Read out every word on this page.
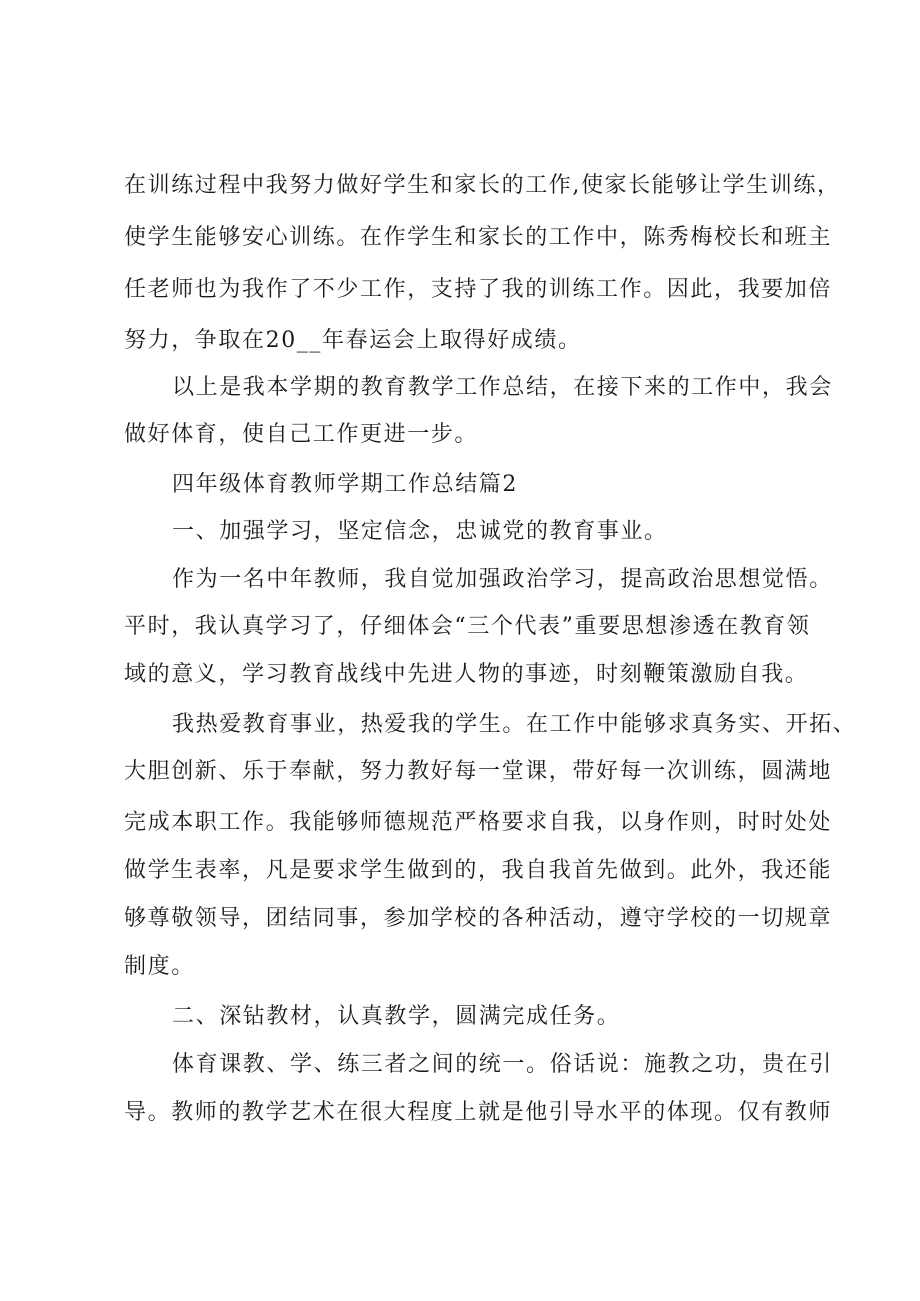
在训练过程中我努力做好学生和家长的工作,使家长能够让学生训练，
使学生能够安心训练。在作学生和家长的工作中，陈秀梅校长和班主
任老师也为我作了不少工作，支持了我的训练工作。因此，我要加倍
努力，争取在20__年春运会上取得好成绩。
以上是我本学期的教育教学工作总结，在接下来的工作中，我会
做好体育，使自己工作更进一步。
四年级体育教师学期工作总结篇2
一、加强学习，坚定信念，忠诚党的教育事业。
作为一名中年教师，我自觉加强政治学习，提高政治思想觉悟。
平时，我认真学习了，仔细体会“三个代表”重要思想渗透在教育领
域的意义，学习教育战线中先进人物的事迹，时刻鞭策激励自我。
我热爱教育事业，热爱我的学生。在工作中能够求真务实、开拓、
大胆创新、乐于奉献，努力教好每一堂课，带好每一次训练，圆满地
完成本职工作。我能够师德规范严格要求自我，以身作则，时时处处
做学生表率，凡是要求学生做到的，我自我首先做到。此外，我还能
够尊敬领导，团结同事，参加学校的各种活动，遵守学校的一切规章
制度。
二、深钻教材，认真教学，圆满完成任务。
体育课教、学、练三者之间的统一。俗话说：施教之功，贵在引
导。教师的教学艺术在很大程度上就是他引导水平的体现。仅有教师
